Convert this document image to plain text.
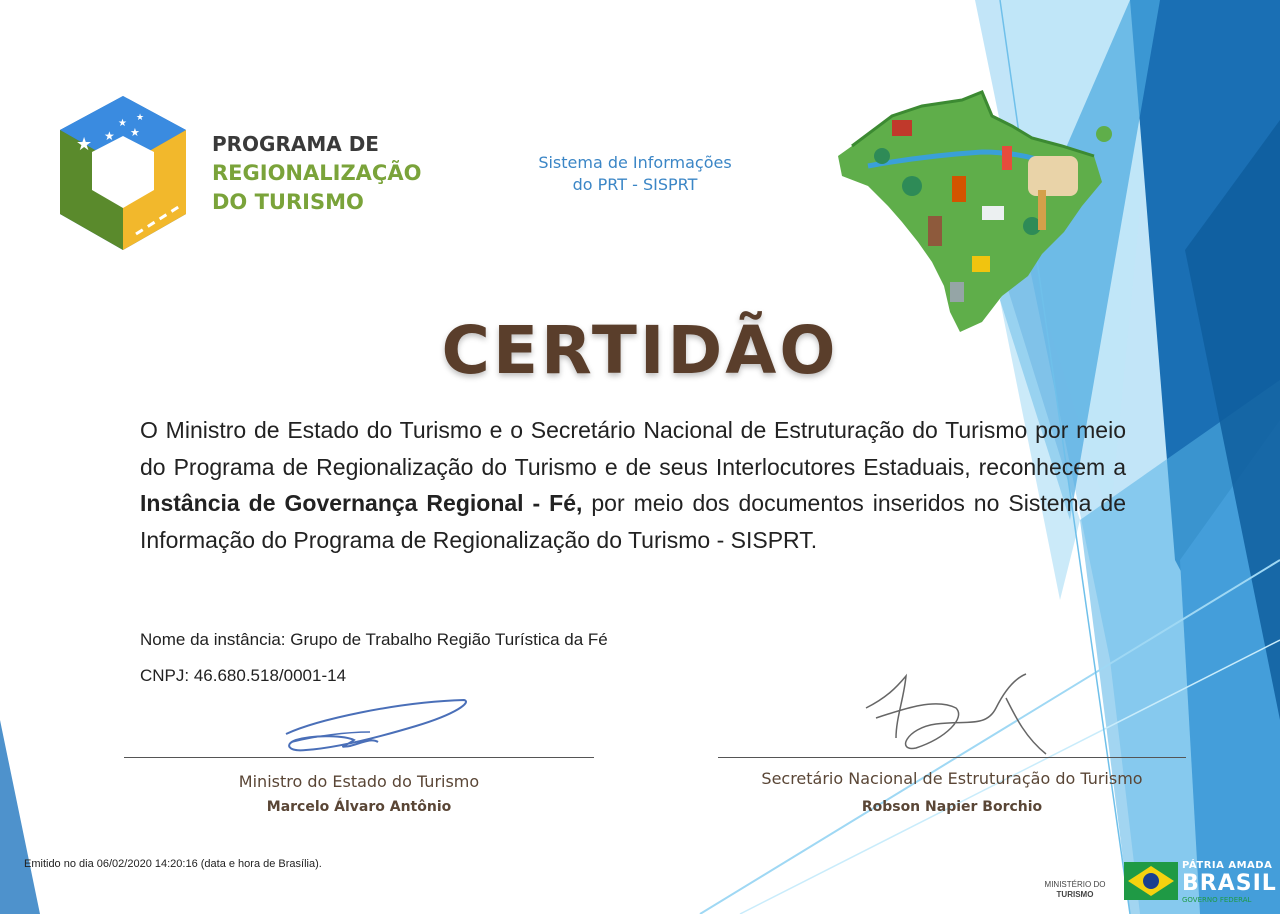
★ ★
★
★
★
★	PROGRAMA DE
REGIONALIZAÇÃO
DO TURISMO
Sistema de Informações
do PRT - SISPRT
CERTIDÃO

O Ministro de Estado do Turismo e o Secretário Nacional de Estruturação do Turismo por meio do Programa de Regionalização do Turismo e de seus Interlocutores Estaduais, reconhecem a Instância de Governança Regional - Fé, por meio dos documentos inseridos no Sistema de Informação do Programa de Regionalização do Turismo - SISPRT.

Nome da instância: Grupo de Trabalho Região Turística da Fé
CNPJ: 46.680.518/0001-14
Ministro do Estado do Turismo
Marcelo Álvaro Antônio
Secretário Nacional de Estruturação do Turismo
Robson Napier Borchio
Emitido no dia 06/02/2020 14:20:16 (data e hora de Brasília).
MINISTÉRIO DO
TURISMO
PÁTRIA AMADA
BRASIL
GOVERNO FEDERAL
